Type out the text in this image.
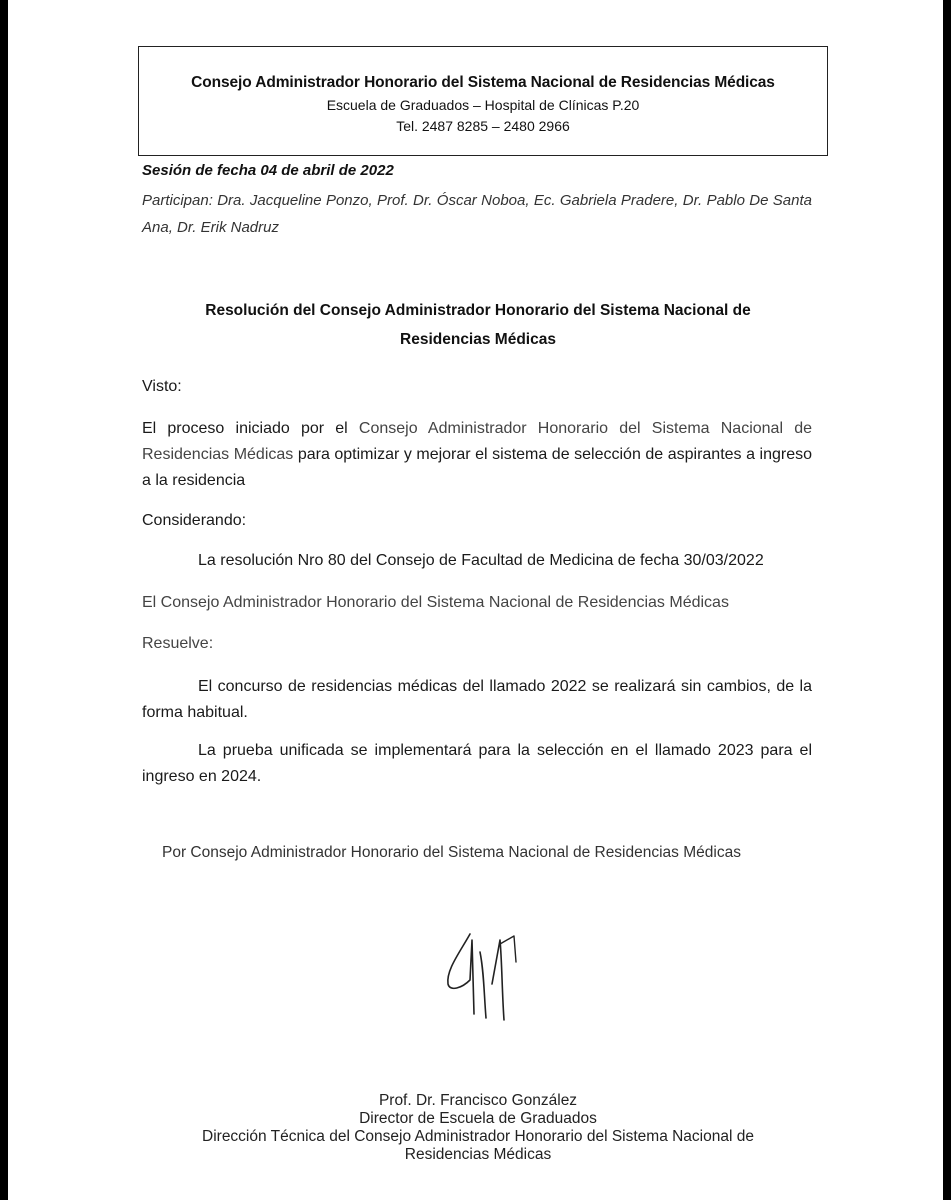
Consejo Administrador Honorario del Sistema Nacional de Residencias Médicas
Escuela de Graduados – Hospital de Clínicas P.20
Tel. 2487 8285 – 2480 2966
Sesión de fecha 04 de abril de 2022
Participan: Dra. Jacqueline Ponzo, Prof. Dr. Óscar Noboa, Ec. Gabriela Pradere, Dr. Pablo De Santa Ana, Dr. Erik Nadruz
Resolución del Consejo Administrador Honorario del Sistema Nacional de
Residencias Médicas
Visto:
El proceso iniciado por el Consejo Administrador Honorario del Sistema Nacional de Residencias Médicas para optimizar y mejorar el sistema de selección de aspirantes a ingreso a la residencia
Considerando:
La resolución Nro 80 del Consejo de Facultad de Medicina de fecha 30/03/2022
El Consejo Administrador Honorario del Sistema Nacional de Residencias Médicas
Resuelve:
El concurso de residencias médicas del llamado 2022 se realizará sin cambios, de la forma habitual.
La prueba unificada se implementará para la selección en el llamado 2023 para el ingreso en 2024.
Por Consejo Administrador Honorario del Sistema Nacional de Residencias Médicas
Prof. Dr. Francisco González
Director de Escuela de Graduados
Dirección Técnica del Consejo Administrador Honorario del Sistema Nacional de
Residencias Médicas
